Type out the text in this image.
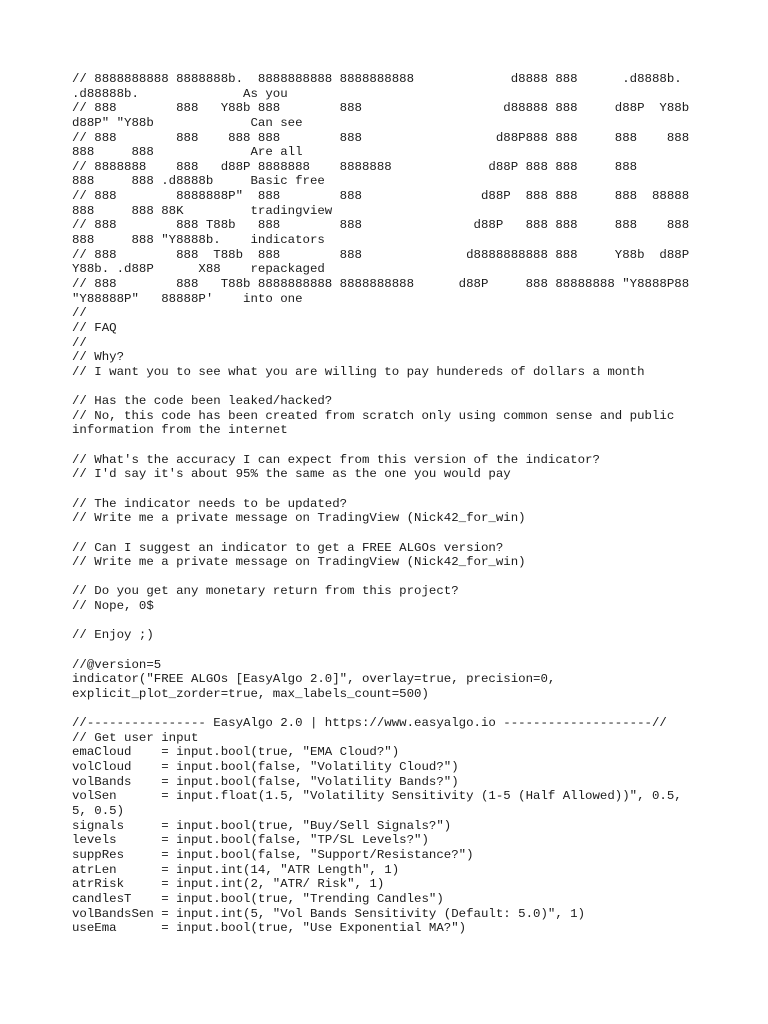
// 8888888888 8888888b.  8888888888 8888888888             d8888 888      .d8888b.
.d88888b.              As you
// 888        888   Y88b 888        888                   d88888 888     d88P  Y88b
d88P" "Y88b             Can see
// 888        888    888 888        888                  d88P888 888     888    888
888     888             Are all
// 8888888    888   d88P 8888888    8888888             d88P 888 888     888
888     888 .d8888b     Basic free
// 888        8888888P"  888        888                d88P  888 888     888  88888
888     888 88K         tradingview
// 888        888 T88b   888        888               d88P   888 888     888    888
888     888 "Y8888b.    indicators
// 888        888  T88b  888        888              d8888888888 888     Y88b  d88P
Y88b. .d88P      X88    repackaged
// 888        888   T88b 8888888888 8888888888      d88P     888 88888888 "Y8888P88
"Y88888P"   88888P'    into one
//
// FAQ
//
// Why?
// I want you to see what you are willing to pay hundereds of dollars a month
// Has the code been leaked/hacked?
// No, this code has been created from scratch only using common sense and public
information from the internet
// What's the accuracy I can expect from this version of the indicator?
// I'd say it's about 95% the same as the one you would pay
// The indicator needs to be updated?
// Write me a private message on TradingView (Nick42_for_win)
// Can I suggest an indicator to get a FREE ALGOs version?
// Write me a private message on TradingView (Nick42_for_win)
// Do you get any monetary return from this project?
// Nope, 0$
// Enjoy ;)
//@version=5
indicator("FREE ALGOs [EasyAlgo 2.0]", overlay=true, precision=0,
explicit_plot_zorder=true, max_labels_count=500)
//---------------- EasyAlgo 2.0 | https://www.easyalgo.io --------------------//
// Get user input
emaCloud    = input.bool(true, "EMA Cloud?")
volCloud    = input.bool(false, "Volatility Cloud?")
volBands    = input.bool(false, "Volatility Bands?")
volSen      = input.float(1.5, "Volatility Sensitivity (1-5 (Half Allowed))", 0.5,
5, 0.5)
signals     = input.bool(true, "Buy/Sell Signals?")
levels      = input.bool(false, "TP/SL Levels?")
suppRes     = input.bool(false, "Support/Resistance?")
atrLen      = input.int(14, "ATR Length", 1)
atrRisk     = input.int(2, "ATR/ Risk", 1)
candlesT    = input.bool(true, "Trending Candles")
volBandsSen = input.int(5, "Vol Bands Sensitivity (Default: 5.0)", 1)
useEma      = input.bool(true, "Use Exponential MA?")
